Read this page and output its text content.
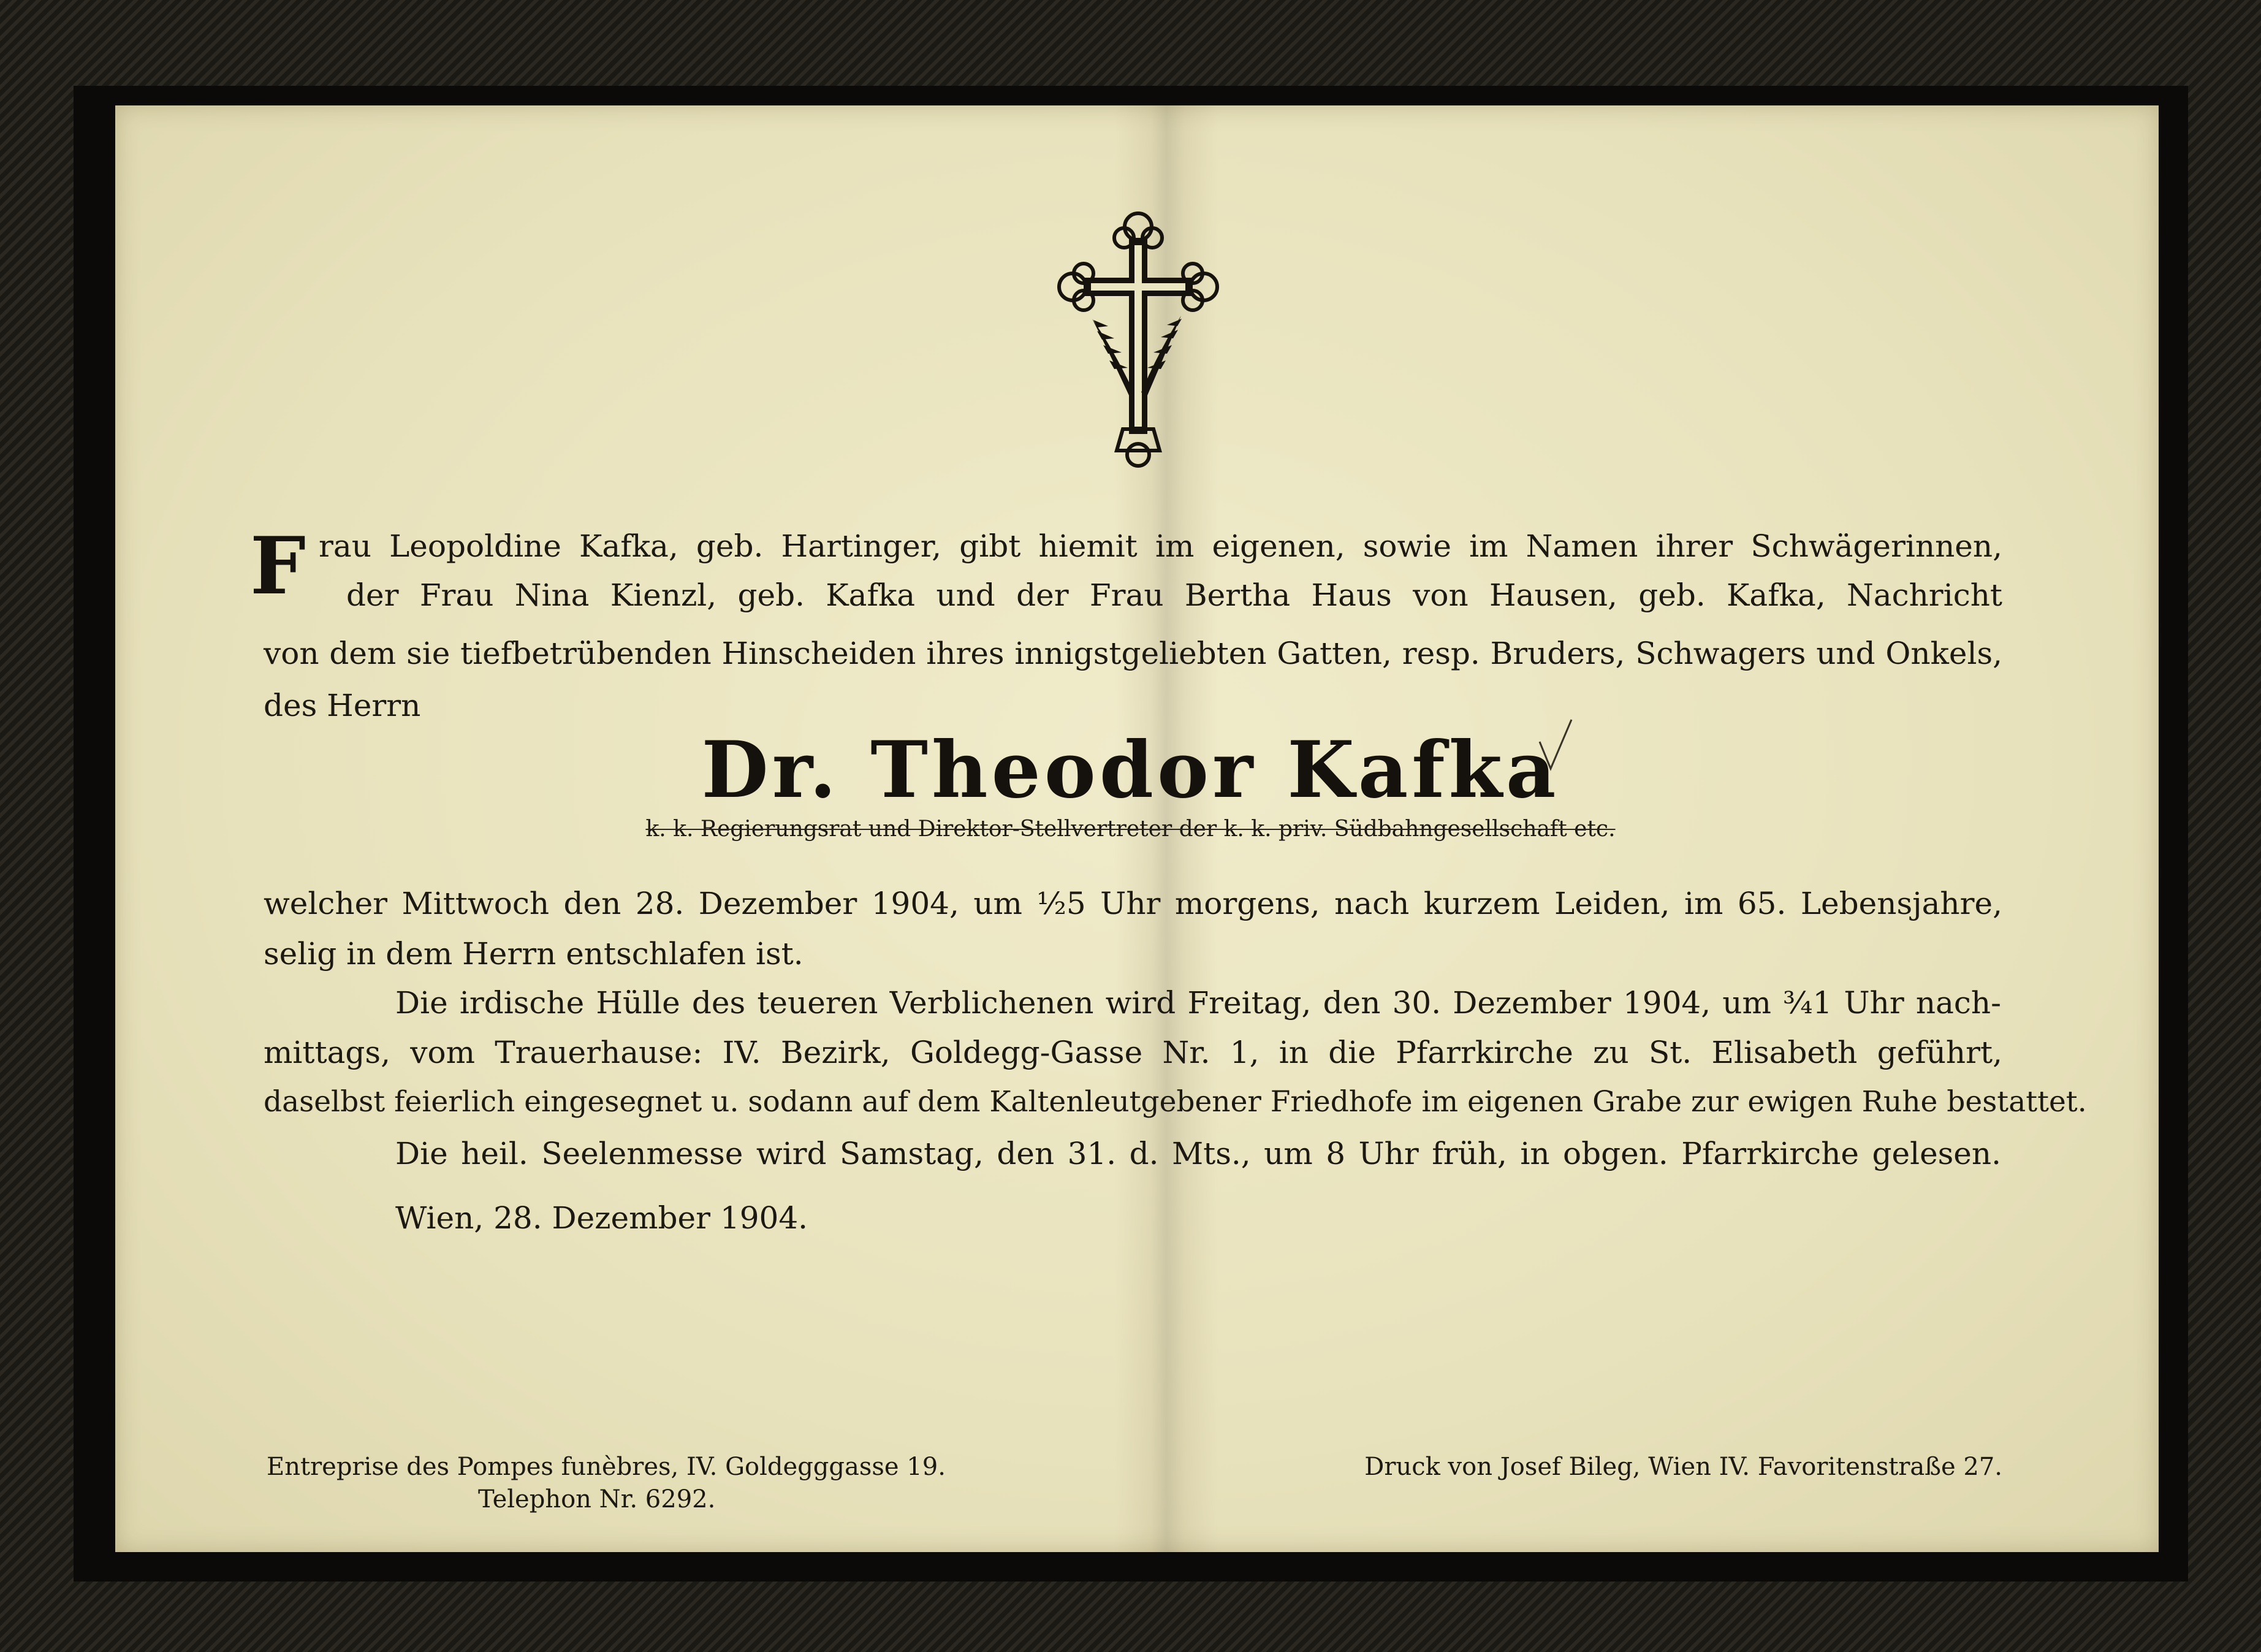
F rau Leopoldine Kafka, geb. Hartinger, gibt hiemit im eigenen, sowie im Namen ihrer Schwägerinnen,
der Frau Nina Kienzl, geb. Kafka und der Frau Bertha Haus von Hausen, geb. Kafka, Nachricht
von dem sie tiefbetrübenden Hinscheiden ihres innigstgeliebten Gatten, resp. Bruders, Schwagers und Onkels,
des Herrn
Dr. Theodor Kafka
k. k. Regierungsrat und Direktor-Stellvertreter der k. k. priv. Südbahngesellschaft etc.
welcher Mittwoch den 28. Dezember 1904, um ½5 Uhr morgens, nach kurzem Leiden, im 65. Lebensjahre,
selig in dem Herrn entschlafen ist.
Die irdische Hülle des teueren Verblichenen wird Freitag, den 30. Dezember 1904, um ¾1 Uhr nach-
mittags, vom Trauerhause: IV. Bezirk, Goldegg-Gasse Nr. 1, in die Pfarrkirche zu St. Elisabeth geführt,
daselbst feierlich eingesegnet u. sodann auf dem Kaltenleutgebener Friedhofe im eigenen Grabe zur ewigen Ruhe bestattet.
Die heil. Seelenmesse wird Samstag, den 31. d. Mts., um 8 Uhr früh, in obgen. Pfarrkirche gelesen.
Wien, 28. Dezember 1904.
Entreprise des Pompes funèbres, IV. Goldegggasse 19.
Telephon Nr. 6292.
Druck von Josef Bileg, Wien IV. Favoritenstraße 27.
